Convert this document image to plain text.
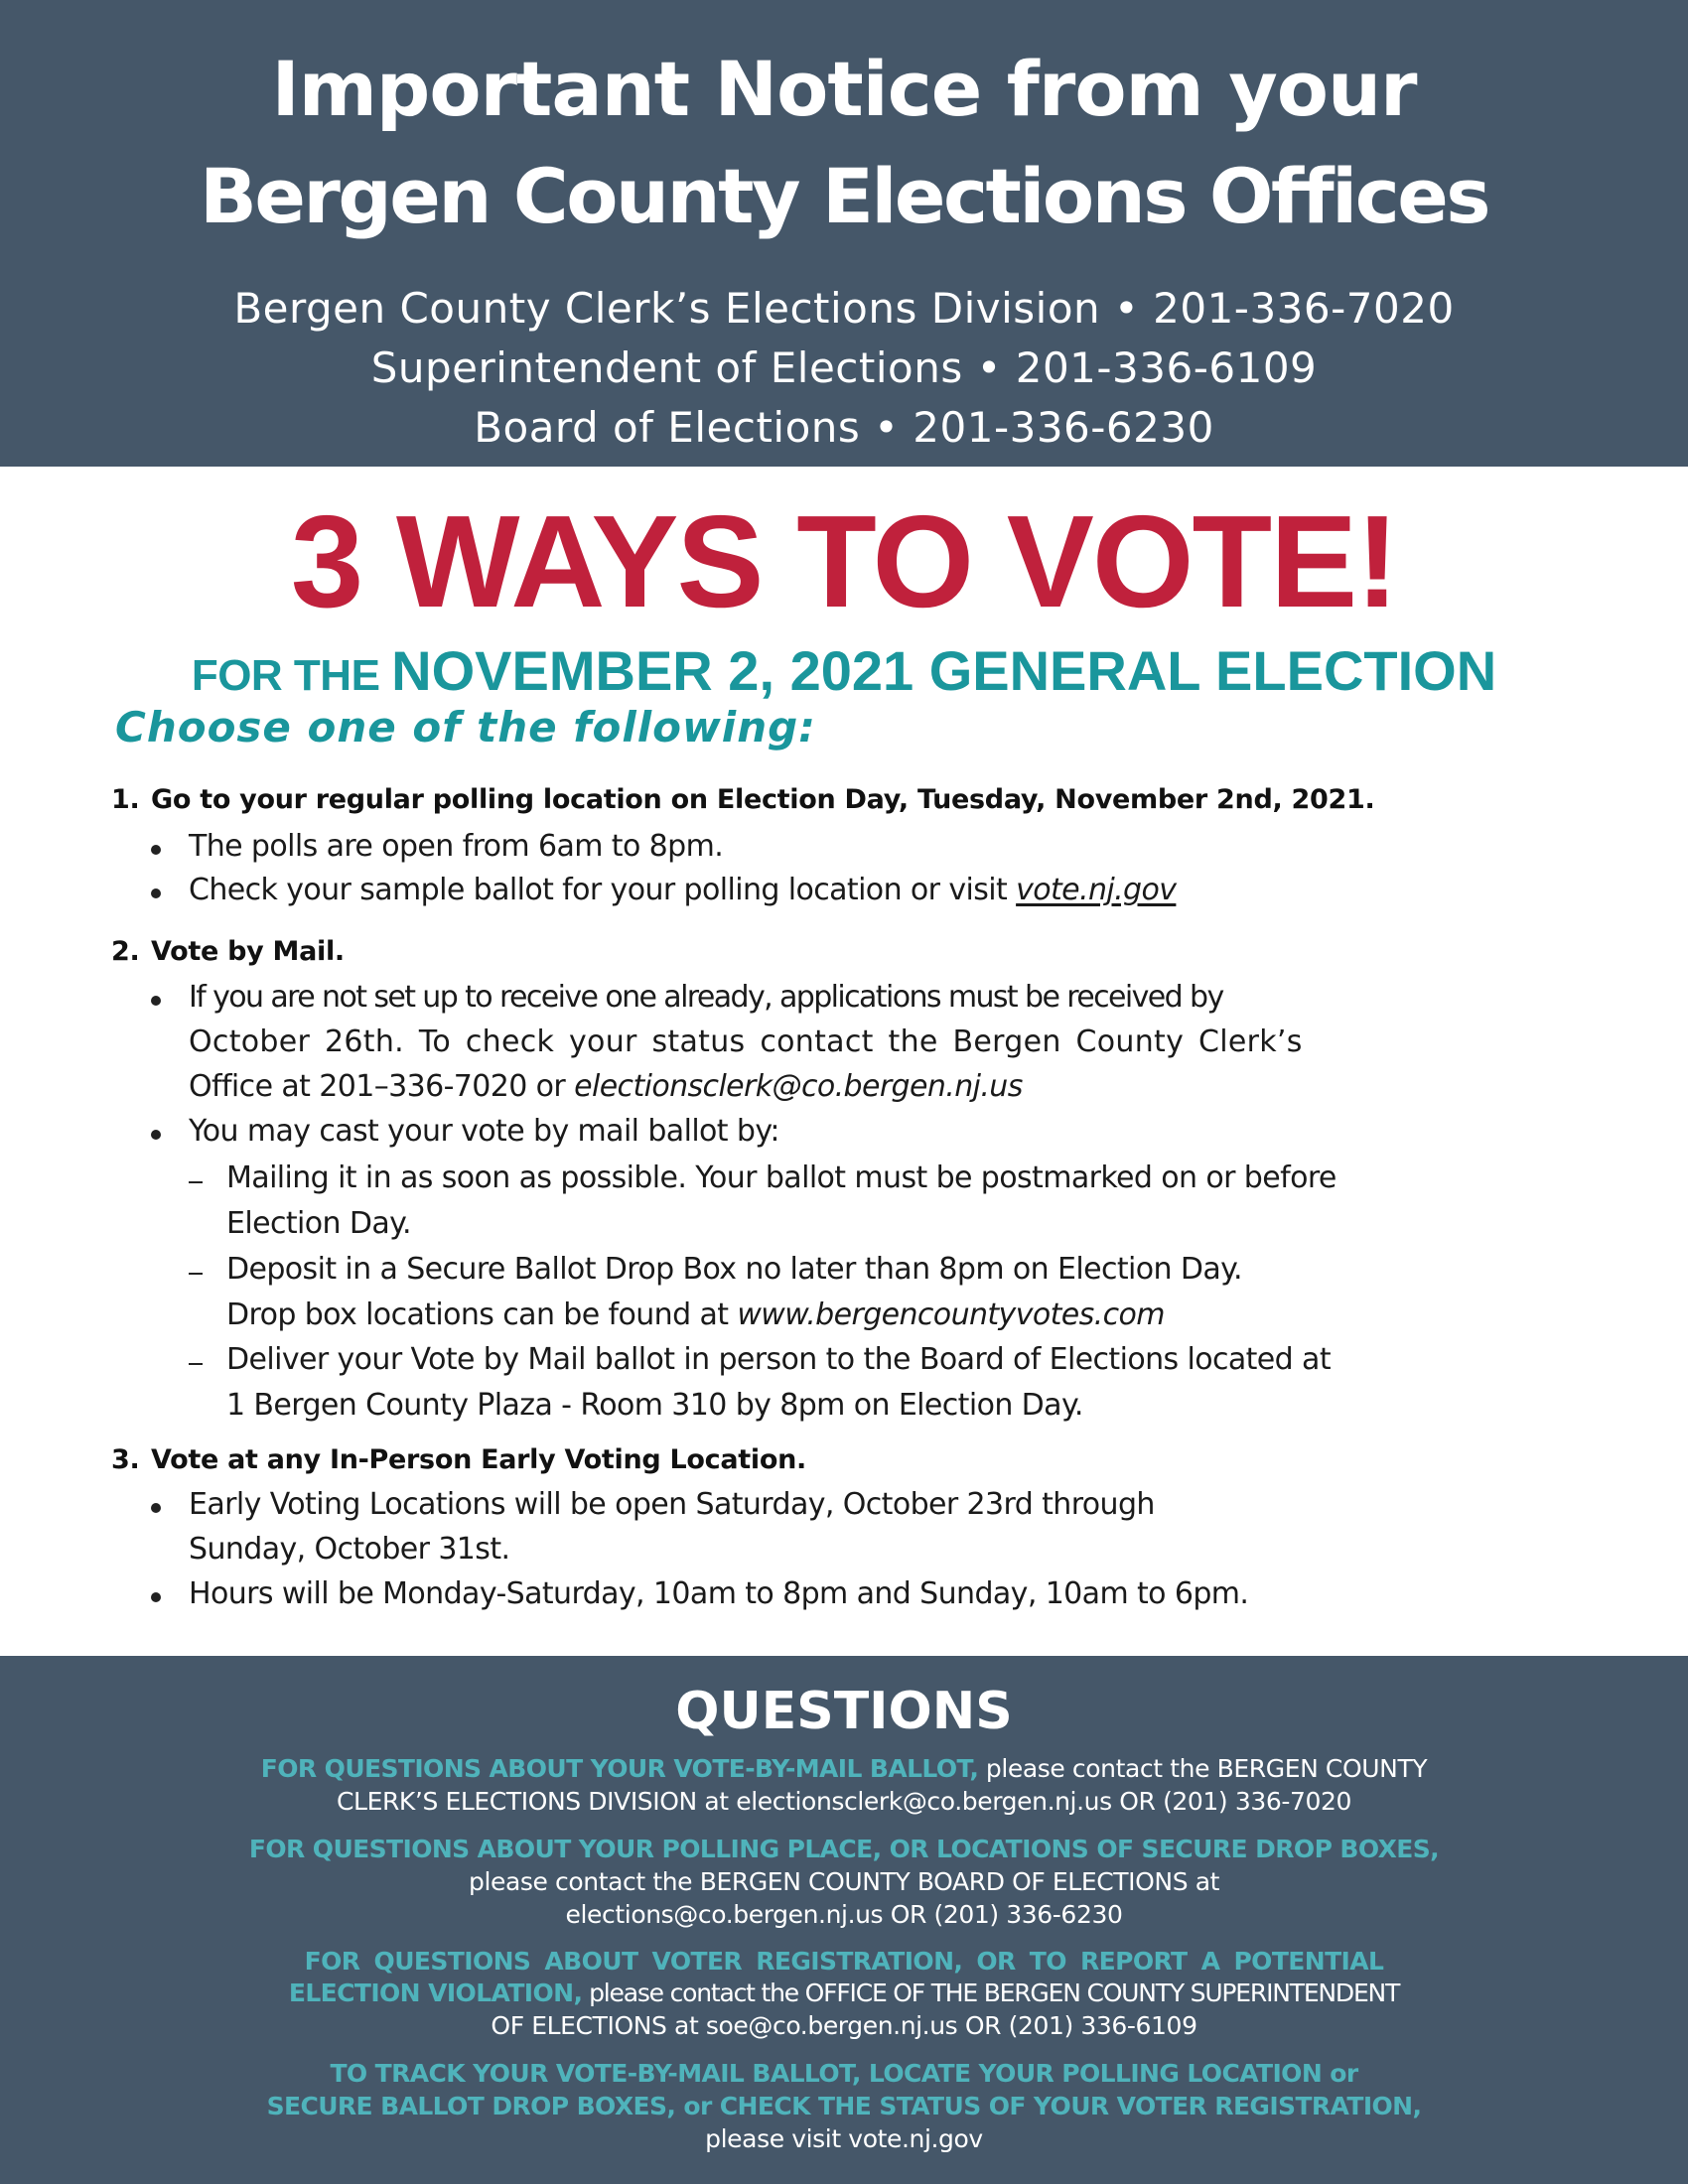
Important Notice from your
Bergen County Elections Offices
Bergen County Clerk’s Elections Division • 201-336-7020
Superintendent of Elections • 201-336-6109
Board of Elections • 201-336-6230
3 WAYS TO VOTE!
FOR THE NOVEMBER 2, 2021 GENERAL ELECTION
Choose one of the following:
1. Go to your regular polling location on Election Day, Tuesday, November 2nd, 2021.
The polls are open from 6am to 8pm.
Check your sample ballot for your polling location or visit vote.nj.gov
2. Vote by Mail.
If you are not set up to receive one already, applications must be received by
October 26th. To check your status contact the Bergen County Clerk’s
Office at 201–336-7020 or electionsclerk@co.bergen.nj.us
You may cast your vote by mail ballot by:
Mailing it in as soon as possible. Your ballot must be postmarked on or before
Election Day.
Deposit in a Secure Ballot Drop Box no later than 8pm on Election Day.
Drop box locations can be found at www.bergencountyvotes.com
Deliver your Vote by Mail ballot in person to the Board of Elections located at
1 Bergen County Plaza - Room 310 by 8pm on Election Day.
3. Vote at any In-Person Early Voting Location.
Early Voting Locations will be open Saturday, October 23rd through
Sunday, October 31st.
Hours will be Monday-Saturday, 10am to 8pm and Sunday, 10am to 6pm.
QUESTIONS
FOR QUESTIONS ABOUT YOUR VOTE-BY-MAIL BALLOT, please contact the BERGEN COUNTY
CLERK’S ELECTIONS DIVISION at electionsclerk@co.bergen.nj.us OR (201) 336-7020
FOR QUESTIONS ABOUT YOUR POLLING PLACE, OR LOCATIONS OF SECURE DROP BOXES,
please contact the BERGEN COUNTY BOARD OF ELECTIONS at
elections@co.bergen.nj.us OR (201) 336-6230
FOR QUESTIONS ABOUT VOTER REGISTRATION, OR TO REPORT A POTENTIAL
ELECTION VIOLATION, please contact the OFFICE OF THE BERGEN COUNTY SUPERINTENDENT
OF ELECTIONS at soe@co.bergen.nj.us OR (201) 336-6109
TO TRACK YOUR VOTE-BY-MAIL BALLOT, LOCATE YOUR POLLING LOCATION or
SECURE BALLOT DROP BOXES, or CHECK THE STATUS OF YOUR VOTER REGISTRATION,
please visit vote.nj.gov
